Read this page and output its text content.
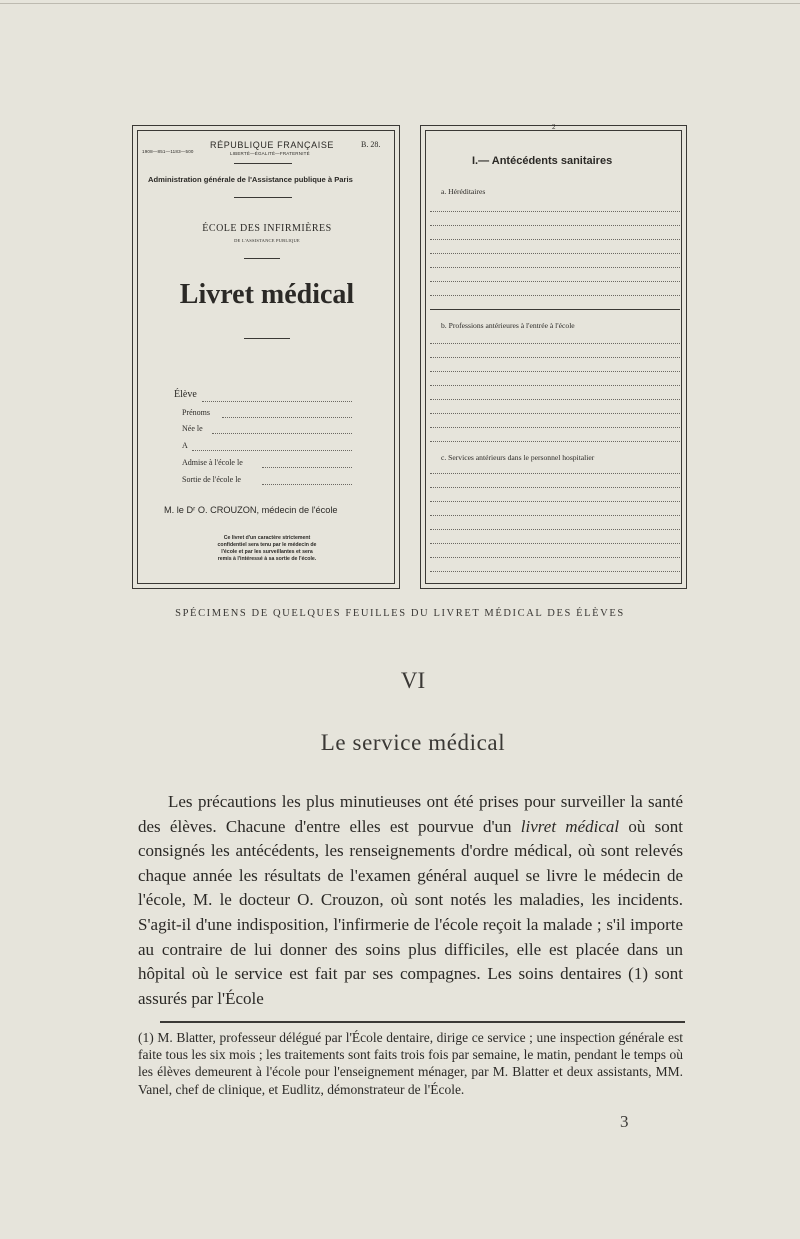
1908—851—1183—500
RÉPUBLIQUE FRANÇAISE
LIBERTÉ—ÉGALITÉ—FRATERNITÉ
B. 28.
Administration générale de l'Assistance publique à Paris
ÉCOLE DES INFIRMIÈRES
DE L'ASSISTANCE PUBLIQUE
Livret médical
Élève
Prénoms
Née le
A
Admise à l'école le
Sortie de l'école le
M. le Dʳ O. CROUZON, médecin de l'école
Ce livret d'un caractère strictement
confidentiel sera tenu par le médecin de
l'école et par les surveillantes et sera
remis à l'intéressé à sa sortie de l'école.
2
I.— Antécédents sanitaires
a. Héréditaires
b. Professions antérieures à l'entrée à l'école
c. Services antérieurs dans le personnel hospitalier
SPÉCIMENS DE QUELQUES FEUILLES DU LIVRET MÉDICAL DES ÉLÈVES
VI
Le service médical

Les précautions les plus minutieuses ont été prises pour surveiller la santé des élèves. Chacune d'entre elles est pourvue d'un livret médical où sont consignés les antécédents, les renseignements d'ordre médical, où sont relevés chaque année les résultats de l'examen général auquel se livre le médecin de l'école, M. le docteur O. Crouzon, où sont notés les maladies, les incidents. S'agit-il d'une indisposition, l'infirmerie de l'école reçoit la malade ; s'il importe au contraire de lui donner des soins plus difficiles, elle est placée dans un hôpital où le service est fait par ses compagnes. Les soins dentaires (1) sont assurés par l'École

(1) M. Blatter, professeur délégué par l'École dentaire, dirige ce service ; une inspection générale est faite tous les six mois ; les traitements sont faits trois fois par semaine, le matin, pendant le temps où les élèves demeurent à l'école pour l'enseignement ménager, par M. Blatter et deux assistants, MM. Vanel, chef de clinique, et Eudlitz, démonstrateur de l'École.

3
